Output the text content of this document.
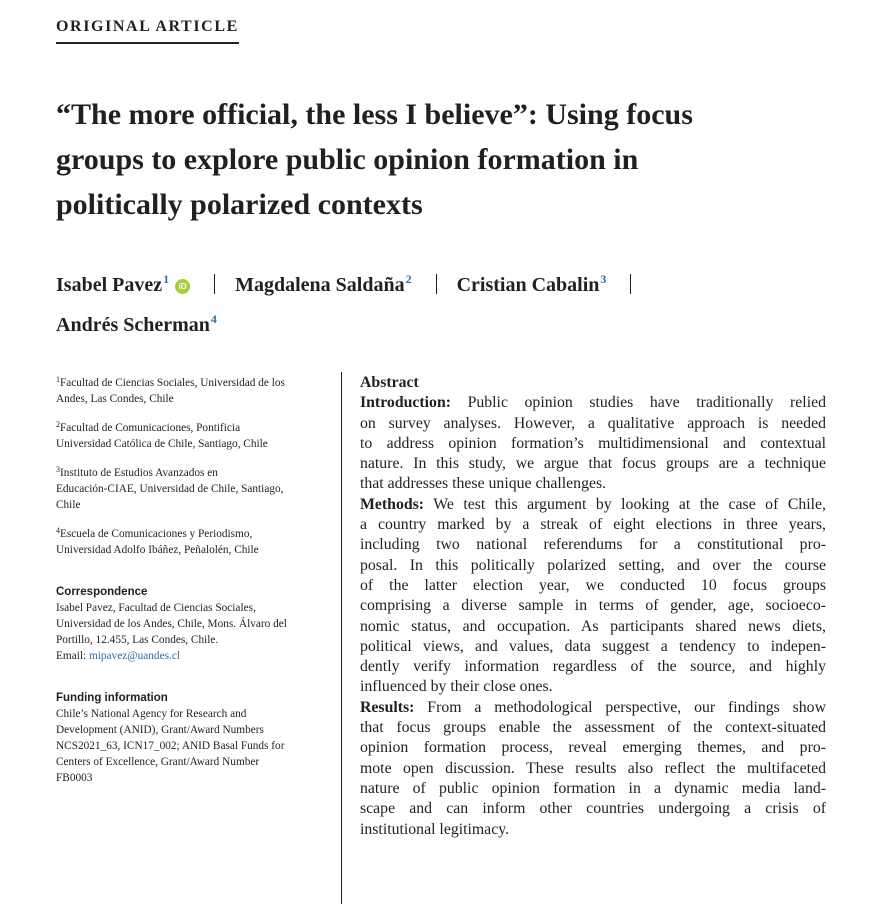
ORIGINAL ARTICLE
“The more official, the less I believe”: Using focus
groups to explore public opinion formation in
politically polarized contexts
Isabel Pavez$^1$iD Magdalena Saldaña$^2$ Cristian Cabalin$^3$
Andrés Scherman$^4$

$^1$Facultad de Ciencias Sociales, Universidad de los
Andes, Las Condes, Chile

$^2$Facultad de Comunicaciones, Pontificia
Universidad Católica de Chile, Santiago, Chile

$^3$Instituto de Estudios Avanzados en
Educación-CIAE, Universidad de Chile, Santiago,
Chile

$^4$Escuela de Comunicaciones y Periodismo,
Universidad Adolfo Ibáñez, Peñalolén, Chile

Correspondence

Isabel Pavez, Facultad de Ciencias Sociales,
Universidad de los Andes, Chile, Mons. Álvaro del
Portillo, 12.455, Las Condes, Chile.
Email: mipavez@uandes.cl

Funding information

Chile’s National Agency for Research and
Development (ANID), Grant/Award Numbers
NCS2021_63, ICN17_002; ANID Basal Funds for
Centers of Excellence, Grant/Award Number
FB0003

Abstract
Introduction: Public opinion studies have traditionally relied
on survey analyses. However, a qualitative approach is needed
to address opinion formation’s multidimensional and contextual
nature. In this study, we argue that focus groups are a technique
that addresses these unique challenges.
Methods: We test this argument by looking at the case of Chile,
a country marked by a streak of eight elections in three years,
including two national referendums for a constitutional pro-
posal. In this politically polarized setting, and over the course
of the latter election year, we conducted 10 focus groups
comprising a diverse sample in terms of gender, age, socioeco-
nomic status, and occupation. As participants shared news diets,
political views, and values, data suggest a tendency to indepen-
dently verify information regardless of the source, and highly
influenced by their close ones.
Results: From a methodological perspective, our findings show
that focus groups enable the assessment of the context-situated
opinion formation process, reveal emerging themes, and pro-
mote open discussion. These results also reflect the multifaceted
nature of public opinion formation in a dynamic media land-
scape and can inform other countries undergoing a crisis of
institutional legitimacy.
